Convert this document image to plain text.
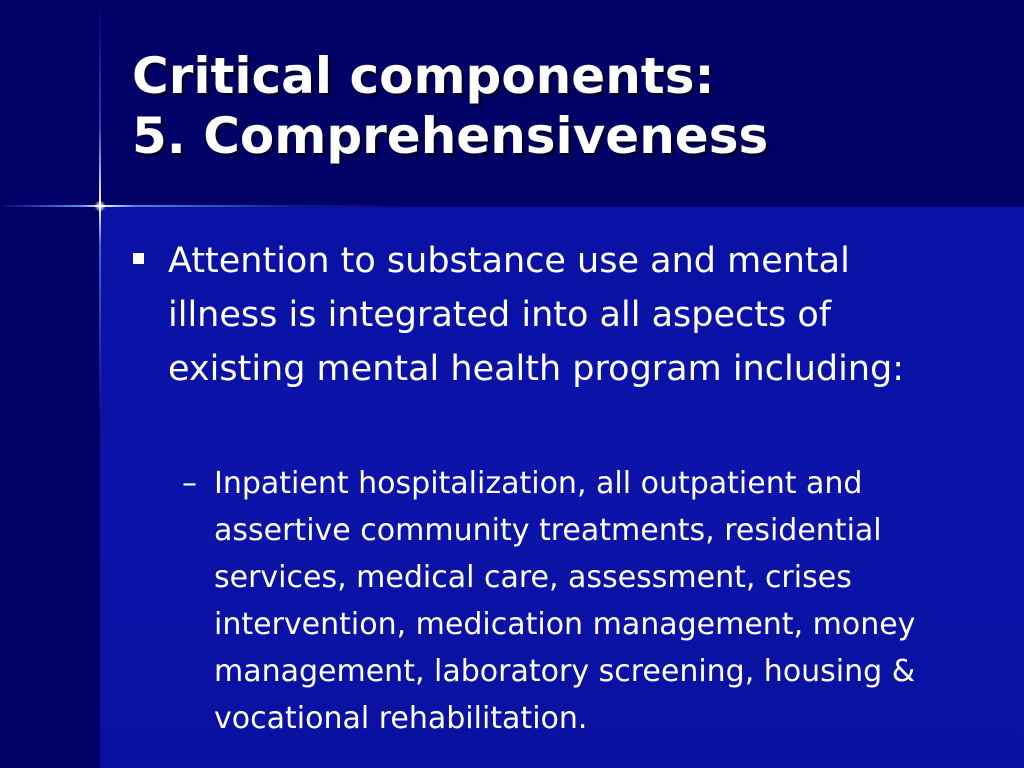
Critical components:
5. Comprehensiveness
Attention to substance use and mental illness is integrated into all aspects of existing mental health program including:
– Inpatient hospitalization, all outpatient and assertive community treatments, residential services, medical care, assessment, crises intervention, medication management, money management, laboratory screening, housing & vocational rehabilitation.
